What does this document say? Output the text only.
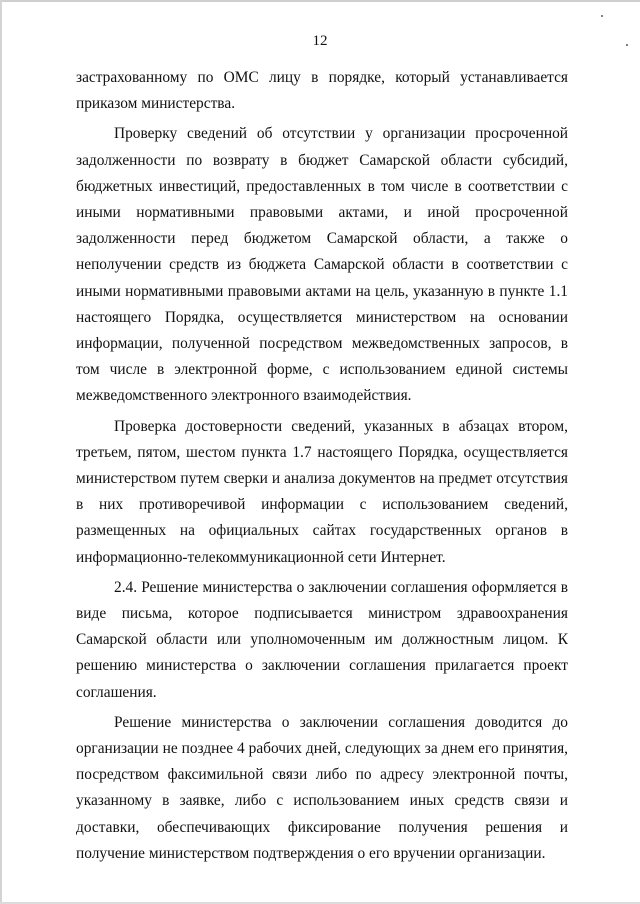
12

застрахованному по ОМС лицу в порядке, который устанавливается приказом министерства.

Проверку сведений об отсутствии у организации просроченной задолженности по возврату в бюджет Самарской области субсидий, бюджетных инвестиций, предоставленных в том числе в соответствии с иными нормативными правовыми актами, и иной просроченной задолженности перед бюджетом Самарской области, а также о неполучении средств из бюджета Самарской области в соответствии с иными нормативными правовыми актами на цель, указанную в пункте 1.1 настоящего Порядка, осуществляется министерством на основании информации, полученной посредством межведомственных запросов, в том числе в электронной форме, с использованием единой системы межведомственного электронного взаимодействия.

Проверка достоверности сведений, указанных в абзацах втором, третьем, пятом, шестом пункта 1.7 настоящего Порядка, осуществляется министерством путем сверки и анализа документов на предмет отсутствия в них противоречивой информации с использованием сведений, размещенных на официальных сайтах государственных органов в информационно-телекоммуникационной сети Интернет.

2.4. Решение министерства о заключении соглашения оформляется в виде письма, которое подписывается министром здравоохранения Самарской области или уполномоченным им должностным лицом. К решению министерства о заключении соглашения прилагается проект соглашения.

Решение министерства о заключении соглашения доводится до организации не позднее 4 рабочих дней, следующих за днем его принятия, посредством факсимильной связи либо по адресу электронной почты, указанному в заявке, либо с использованием иных средств связи и доставки, обеспечивающих фиксирование получения решения и получение министерством подтверждения о его вручении организации.
